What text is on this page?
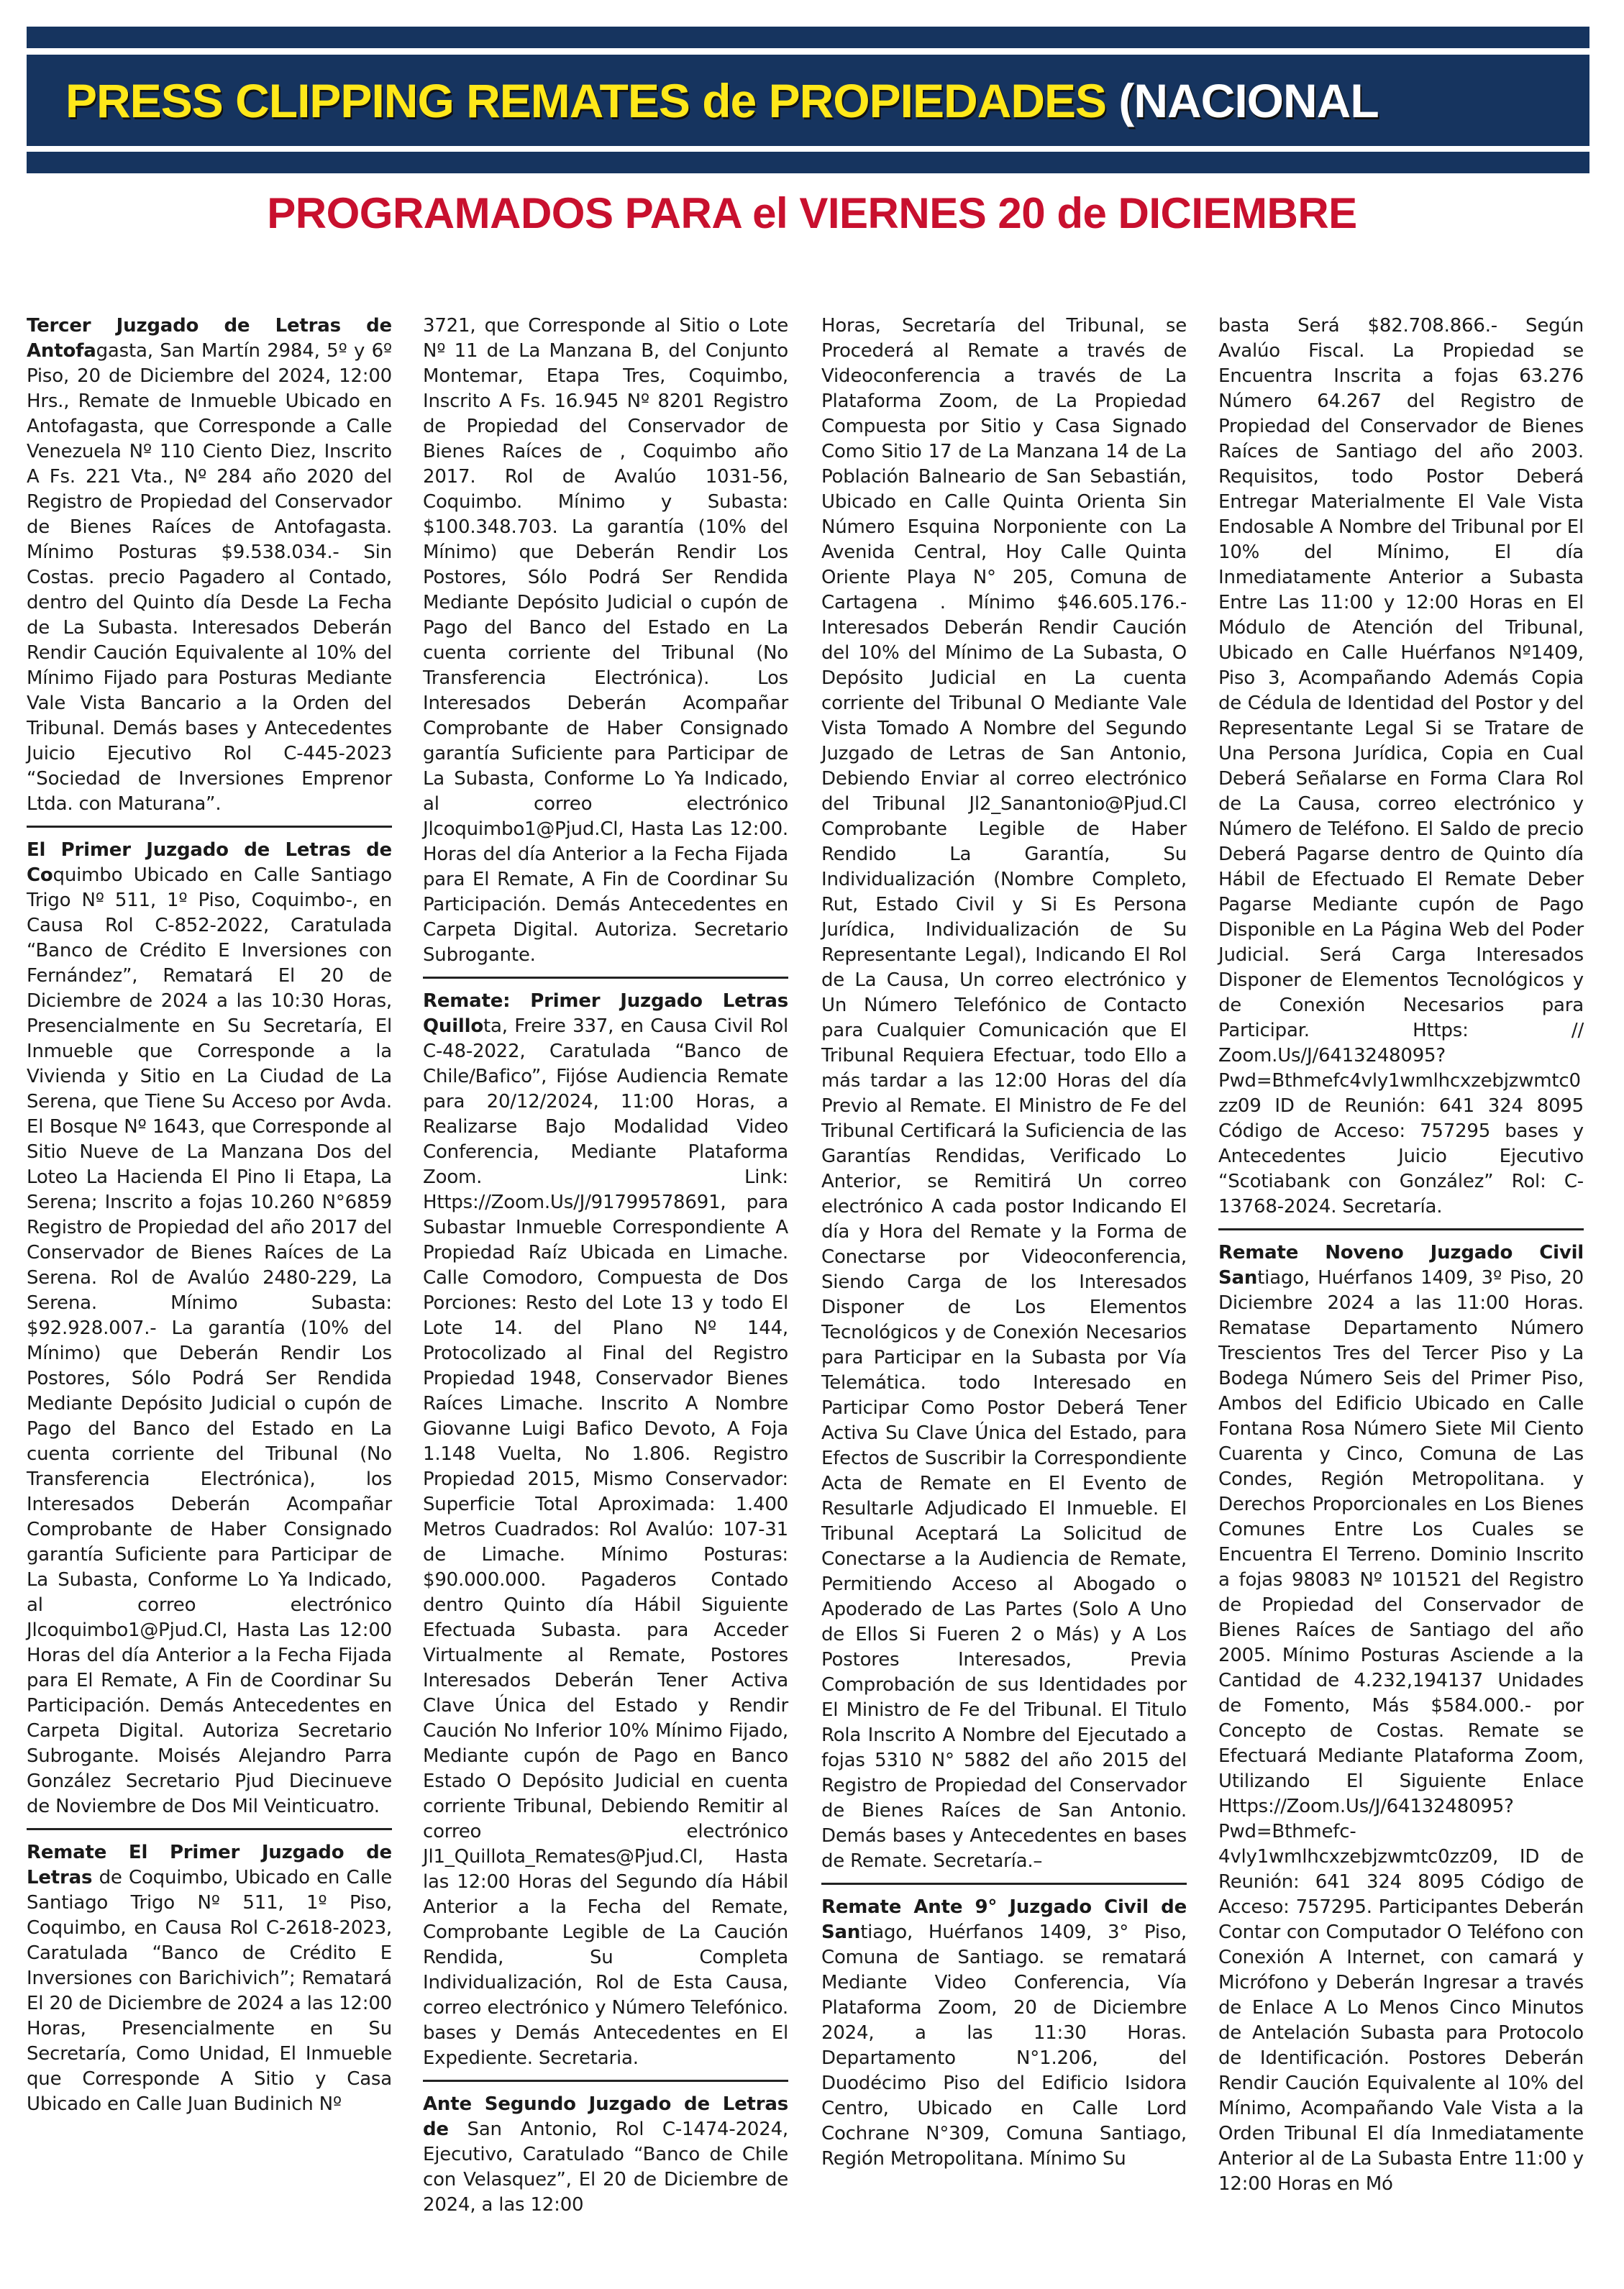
PRESS CLIPPING REMATES de PROPIEDADES (NACIONAL
PROGRAMADOS PARA el VIERNES 20 de DICIEMBRE

Tercer Juzgado de Letras de Antofagasta, San Martín 2984, 5º y 6º Piso, 20 de Diciembre del 2024, 12:00 Hrs., Remate de Inmueble Ubicado en Antofagasta, que Corresponde a Calle Venezuela Nº 110 Ciento Diez, Inscrito A Fs. 221 Vta., Nº 284 año 2020 del Registro de Propiedad del Conservador de Bienes Raíces de Antofagasta. Mínimo Posturas $9.538.034.- Sin Costas. precio Pagadero al Contado, dentro del Quinto día Desde La Fecha de La Subasta. Interesados Deberán Rendir Caución Equivalente al 10% del Mínimo Fijado para Posturas Mediante Vale Vista Bancario a la Orden del Tribunal. Demás bases y Antecedentes Juicio Ejecutivo Rol C-445-2023 “Sociedad de Inversiones Emprenor Ltda. con Maturana”.

El Primer Juzgado de Letras de Coquimbo Ubicado en Calle Santiago Trigo Nº 511, 1º Piso, Coquimbo-, en Causa Rol C-852-2022, Caratulada “Banco de Crédito E Inversiones con Fernández”, Rematará El 20 de Diciembre de 2024 a las 10:30 Horas, Presencialmente en Su Secretaría, El Inmueble que Corresponde a la Vivienda y Sitio en La Ciudad de La Serena, que Tiene Su Acceso por Avda. El Bosque Nº 1643, que Corresponde al Sitio Nueve de La Manzana Dos del Loteo La Hacienda El Pino Ii Etapa, La Serena; Inscrito a fojas 10.260 N°6859 Registro de Propiedad del año 2017 del Conservador de Bienes Raíces de La Serena. Rol de Avalúo 2480-229, La Serena. Mínimo Subasta: $92.928.007.- La garantía (10% del Mínimo) que Deberán Rendir Los Postores, Sólo Podrá Ser Rendida Mediante Depósito Judicial o cupón de Pago del Banco del Estado en La cuenta corriente del Tribunal (No Transferencia Electrónica), los Interesados Deberán Acompañar Comprobante de Haber Consignado garantía Suficiente para Participar de La Subasta, Conforme Lo Ya Indicado, al correo electrónico Jlcoquimbo1@Pjud.Cl, Hasta Las 12:00 Horas del día Anterior a la Fecha Fijada para El Remate, A Fin de Coordinar Su Participación. Demás Antecedentes en Carpeta Digital. Autoriza Secretario Subrogante. Moisés Alejandro Parra González Secretario Pjud Diecinueve de Noviembre de Dos Mil Veinticuatro.

Remate El Primer Juzgado de Letras de Coquimbo, Ubicado en Calle Santiago Trigo Nº 511, 1º Piso, Coquimbo, en Causa Rol C-2618-2023, Caratulada “Banco de Crédito E Inversiones con Barichivich”; Rematará El 20 de Diciembre de 2024 a las 12:00 Horas, Presencialmente en Su Secretaría, Como Unidad, El Inmueble que Corresponde A Sitio y Casa Ubicado en Calle Juan Budinich Nº

3721, que Corresponde al Sitio o Lote Nº 11 de La Manzana B, del Conjunto Montemar, Etapa Tres, Coquimbo, Inscrito A Fs. 16.945 Nº 8201 Registro de Propiedad del Conservador de Bienes Raíces de , Coquimbo año 2017. Rol de Avalúo 1031-56, Coquimbo. Mínimo y Subasta: $100.348.703. La garantía (10% del Mínimo) que Deberán Rendir Los Postores, Sólo Podrá Ser Rendida Mediante Depósito Judicial o cupón de Pago del Banco del Estado en La cuenta corriente del Tribunal (No Transferencia Electrónica). Los Interesados Deberán Acompañar Comprobante de Haber Consignado garantía Suficiente para Participar de La Subasta, Conforme Lo Ya Indicado, al correo electrónico Jlcoquimbo1@Pjud.Cl, Hasta Las 12:00. Horas del día Anterior a la Fecha Fijada para El Remate, A Fin de Coordinar Su Participación. Demás Antecedentes en Carpeta Digital. Autoriza. Secretario Subrogante.

Remate: Primer Juzgado Letras Quillota, Freire 337, en Causa Civil Rol C-48-2022, Caratulada “Banco de Chile/Bafico”, Fijóse Audiencia Remate para 20/12/2024, 11:00 Horas, a Realizarse Bajo Modalidad Video Conferencia, Mediante Plataforma Zoom. Link: Https://Zoom.Us/J/91799578691, para Subastar Inmueble Correspondiente A Propiedad Raíz Ubicada en Limache. Calle Comodoro, Compuesta de Dos Porciones: Resto del Lote 13 y todo El Lote 14. del Plano Nº 144, Protocolizado al Final del Registro Propiedad 1948, Conservador Bienes Raíces Limache. Inscrito A Nombre Giovanne Luigi Bafico Devoto, A Foja 1.148 Vuelta, No 1.806. Registro Propiedad 2015, Mismo Conservador: Superficie Total Aproximada: 1.400 Metros Cuadrados: Rol Avalúo: 107-31 de Limache. Mínimo Posturas: $90.000.000. Pagaderos Contado dentro Quinto día Hábil Siguiente Efectuada Subasta. para Acceder Virtualmente al Remate, Postores Interesados Deberán Tener Activa Clave Única del Estado y Rendir Caución No Inferior 10% Mínimo Fijado, Mediante cupón de Pago en Banco Estado O Depósito Judicial en cuenta corriente Tribunal, Debiendo Remitir al correo electrónico Jl1_Quillota_Remates@Pjud.Cl, Hasta las 12:00 Horas del Segundo día Hábil Anterior a la Fecha del Remate, Comprobante Legible de La Caución Rendida, Su Completa Individualización, Rol de Esta Causa, correo electrónico y Número Telefónico. bases y Demás Antecedentes en El Expediente. Secretaria.

Ante Segundo Juzgado de Letras de San Antonio, Rol C-1474-2024, Ejecutivo, Caratulado “Banco de Chile con Velasquez”, El 20 de Diciembre de 2024, a las 12:00

Horas, Secretaría del Tribunal, se Procederá al Remate a través de Videoconferencia a través de La Plataforma Zoom, de La Propiedad Compuesta por Sitio y Casa Signado Como Sitio 17 de La Manzana 14 de La Población Balneario de San Sebastián, Ubicado en Calle Quinta Orienta Sin Número Esquina Norponiente con La Avenida Central, Hoy Calle Quinta Oriente Playa N° 205, Comuna de Cartagena . Mínimo $46.605.176.- Interesados Deberán Rendir Caución del 10% del Mínimo de La Subasta, O Depósito Judicial en La cuenta corriente del Tribunal O Mediante Vale Vista Tomado A Nombre del Segundo Juzgado de Letras de San Antonio, Debiendo Enviar al correo electrónico del Tribunal Jl2_Sanantonio@Pjud.Cl Comprobante Legible de Haber Rendido La Garantía, Su Individualización (Nombre Completo, Rut, Estado Civil y Si Es Persona Jurídica, Individualización de Su Representante Legal), Indicando El Rol de La Causa, Un correo electrónico y Un Número Telefónico de Contacto para Cualquier Comunicación que El Tribunal Requiera Efectuar, todo Ello a más tardar a las 12:00 Horas del día Previo al Remate. El Ministro de Fe del Tribunal Certificará la Suficiencia de las Garantías Rendidas, Verificado Lo Anterior, se Remitirá Un correo electrónico A cada postor Indicando El día y Hora del Remate y la Forma de Conectarse por Videoconferencia, Siendo Carga de los Interesados Disponer de Los Elementos Tecnológicos y de Conexión Necesarios para Participar en la Subasta por Vía Telemática. todo Interesado en Participar Como Postor Deberá Tener Activa Su Clave Única del Estado, para Efectos de Suscribir la Correspondiente Acta de Remate en El Evento de Resultarle Adjudicado El Inmueble. El Tribunal Aceptará La Solicitud de Conectarse a la Audiencia de Remate, Permitiendo Acceso al Abogado o Apoderado de Las Partes (Solo A Uno de Ellos Si Fueren 2 o Más) y A Los Postores Interesados, Previa Comprobación de sus Identidades por El Ministro de Fe del Tribunal. El Titulo Rola Inscrito A Nombre del Ejecutado a fojas 5310 N° 5882 del año 2015 del Registro de Propiedad del Conservador de Bienes Raíces de San Antonio. Demás bases y Antecedentes en bases de Remate. Secretaría.–

Remate Ante 9° Juzgado Civil de Santiago, Huérfanos 1409, 3° Piso, Comuna de Santiago. se rematará Mediante Video Conferencia, Vía Plataforma Zoom, 20 de Diciembre 2024, a las 11:30 Horas. Departamento N°1.206, del Duodécimo Piso del Edificio Isidora Centro, Ubicado en Calle Lord Cochrane N°309, Comuna Santiago, Región Metropolitana. Mínimo Su

basta Será $82.708.866.- Según Avalúo Fiscal. La Propiedad se Encuentra Inscrita a fojas 63.276 Número 64.267 del Registro de Propiedad del Conservador de Bienes Raíces de Santiago del año 2003. Requisitos, todo Postor Deberá Entregar Materialmente El Vale Vista Endosable A Nombre del Tribunal por El 10% del Mínimo, El día Inmediatamente Anterior a Subasta Entre Las 11:00 y 12:00 Horas en El Módulo de Atención del Tribunal, Ubicado en Calle Huérfanos Nº1409, Piso 3, Acompañando Además Copia de Cédula de Identidad del Postor y del Representante Legal Si se Tratare de Una Persona Jurídica, Copia en Cual Deberá Señalarse en Forma Clara Rol de La Causa, correo electrónico y Número de Teléfono. El Saldo de precio Deberá Pagarse dentro de Quinto día Hábil de Efectuado El Remate Deber Pagarse Mediante cupón de Pago Disponible en La Página Web del Poder Judicial. Será Carga Interesados Disponer de Elementos Tecnológicos y de Conexión Necesarios para Participar. Https: // Zoom.Us/J/6413248095?Pwd=Bthmefc4vly1wmlhcxzebjzwmtc0zz09 ID de Reunión: 641 324 8095 Código de Acceso: 757295 bases y Antecedentes Juicio Ejecutivo “Scotiabank con González” Rol: C-13768-2024. Secretaría.

Remate Noveno Juzgado Civil Santiago, Huérfanos 1409, 3º Piso, 20 Diciembre 2024 a las 11:00 Horas. Rematase Departamento Número Trescientos Tres del Tercer Piso y La Bodega Número Seis del Primer Piso, Ambos del Edificio Ubicado en Calle Fontana Rosa Número Siete Mil Ciento Cuarenta y Cinco, Comuna de Las Condes, Región Metropolitana. y Derechos Proporcionales en Los Bienes Comunes Entre Los Cuales se Encuentra El Terreno. Dominio Inscrito a fojas 98083 Nº 101521 del Registro de Propiedad del Conservador de Bienes Raíces de Santiago del año 2005. Mínimo Posturas Asciende a la Cantidad de 4.232,194137 Unidades de Fomento, Más $584.000.- por Concepto de Costas. Remate se Efectuará Mediante Plataforma Zoom, Utilizando El Siguiente Enlace Https://Zoom.Us/J/6413248095?Pwd=Bthmefc-4vly1wmlhcxzebjzwmtc0zz09, ID de Reunión: 641 324 8095 Código de Acceso: 757295. Participantes Deberán Contar con Computador O Teléfono con Conexión A Internet, con camará y Micrófono y Deberán Ingresar a través de Enlace A Lo Menos Cinco Minutos de Antelación Subasta para Protocolo de Identificación. Postores Deberán Rendir Caución Equivalente al 10% del Mínimo, Acompañando Vale Vista a la Orden Tribunal El día Inmediatamente Anterior al de La Subasta Entre 11:00 y 12:00 Horas en Mó
